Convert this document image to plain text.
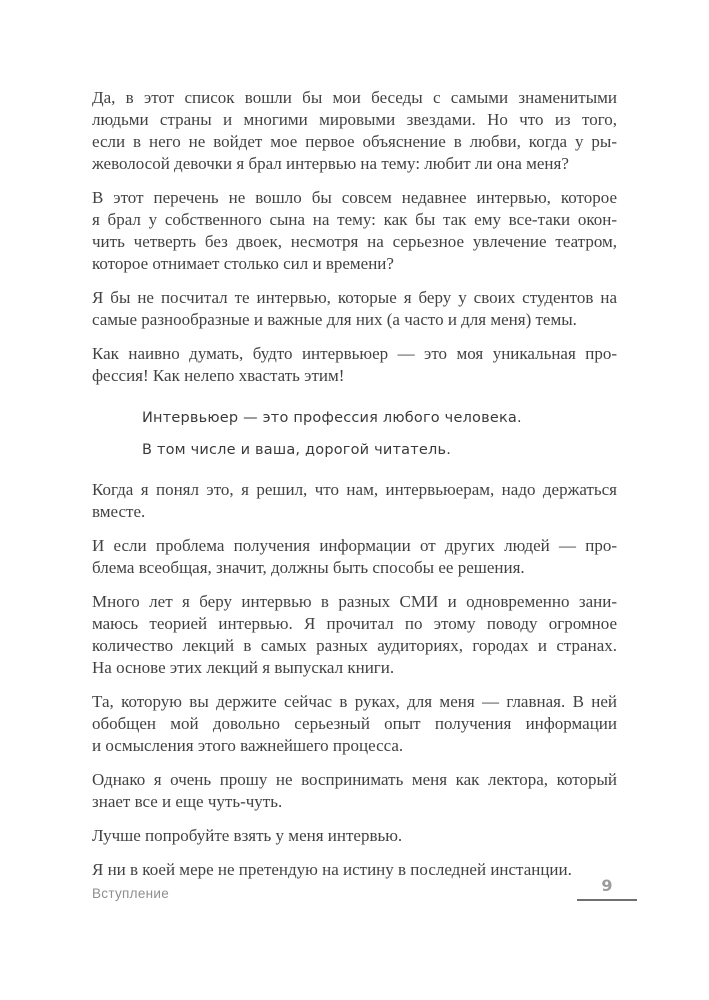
Да, в этот список вошли бы мои беседы с самыми знаменитыми
людьми страны и многими мировыми звездами. Но что из того,
если в него не войдет мое первое объяснение в любви, когда у ры-
жеволосой девочки я брал интервью на тему: любит ли она меня?
В этот перечень не вошло бы совсем недавнее интервью, которое
я брал у собственного сына на тему: как бы так ему все-таки окон-
чить четверть без двоек, несмотря на серьезное увлечение театром,
которое отнимает столько сил и времени?
Я бы не посчитал те интервью, которые я беру у своих студентов на
самые разнообразные и важные для них (а часто и для меня) темы.
Как наивно думать, будто интервьюер — это моя уникальная про-
фессия! Как нелепо хвастать этим!
Интервьюер — это профессия любого человека.
В том числе и ваша, дорогой читатель.
Когда я понял это, я решил, что нам, интервьюерам, надо держаться
вместе.
И если проблема получения информации от других людей — про-
блема всеобщая, значит, должны быть способы ее решения.
Много лет я беру интервью в разных СМИ и одновременно зани-
маюсь теорией интервью. Я прочитал по этому поводу огромное
количество лекций в самых разных аудиториях, городах и странах.
На основе этих лекций я выпускал книги.
Та, которую вы держите сейчас в руках, для меня — главная. В ней
обобщен мой довольно серьезный опыт получения информации
и осмысления этого важнейшего процесса.
Однако я очень прошу не воспринимать меня как лектора, который
знает все и еще чуть-чуть.
Лучше попробуйте взять у меня интервью.
Я ни в коей мере не претендую на истину в последней инстанции.
Вступление	9
